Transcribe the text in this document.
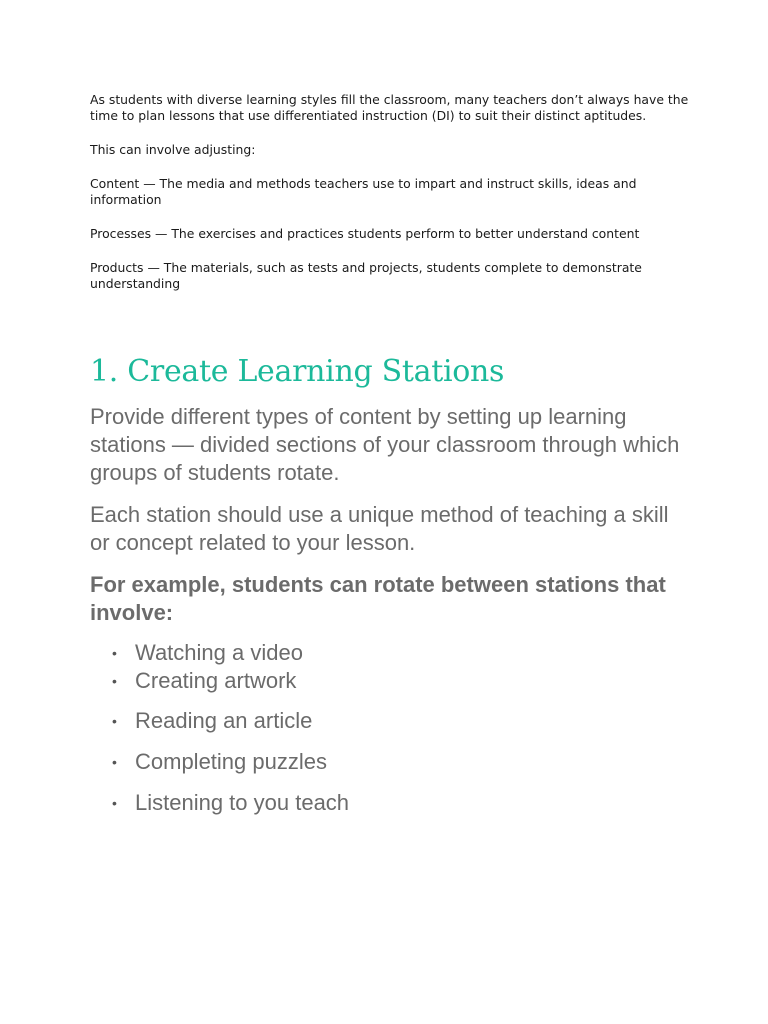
As students with diverse learning styles fill the classroom, many teachers don’t always have the time to plan lessons that use differentiated instruction (DI) to suit their distinct aptitudes.

This can involve adjusting:

Content — The media and methods teachers use to impart and instruct skills, ideas and information

Processes — The exercises and practices students perform to better understand content

Products — The materials, such as tests and projects, students complete to demonstrate understanding

1. Create Learning Stations

Provide different types of content by setting up learning stations — divided sections of your classroom through which groups of students rotate.

Each station should use a unique method of teaching a skill or concept related to your lesson.

For example, students can rotate between stations that involve:

• Watching a video
• Creating artwork
• Reading an article
• Completing puzzles
• Listening to you teach
